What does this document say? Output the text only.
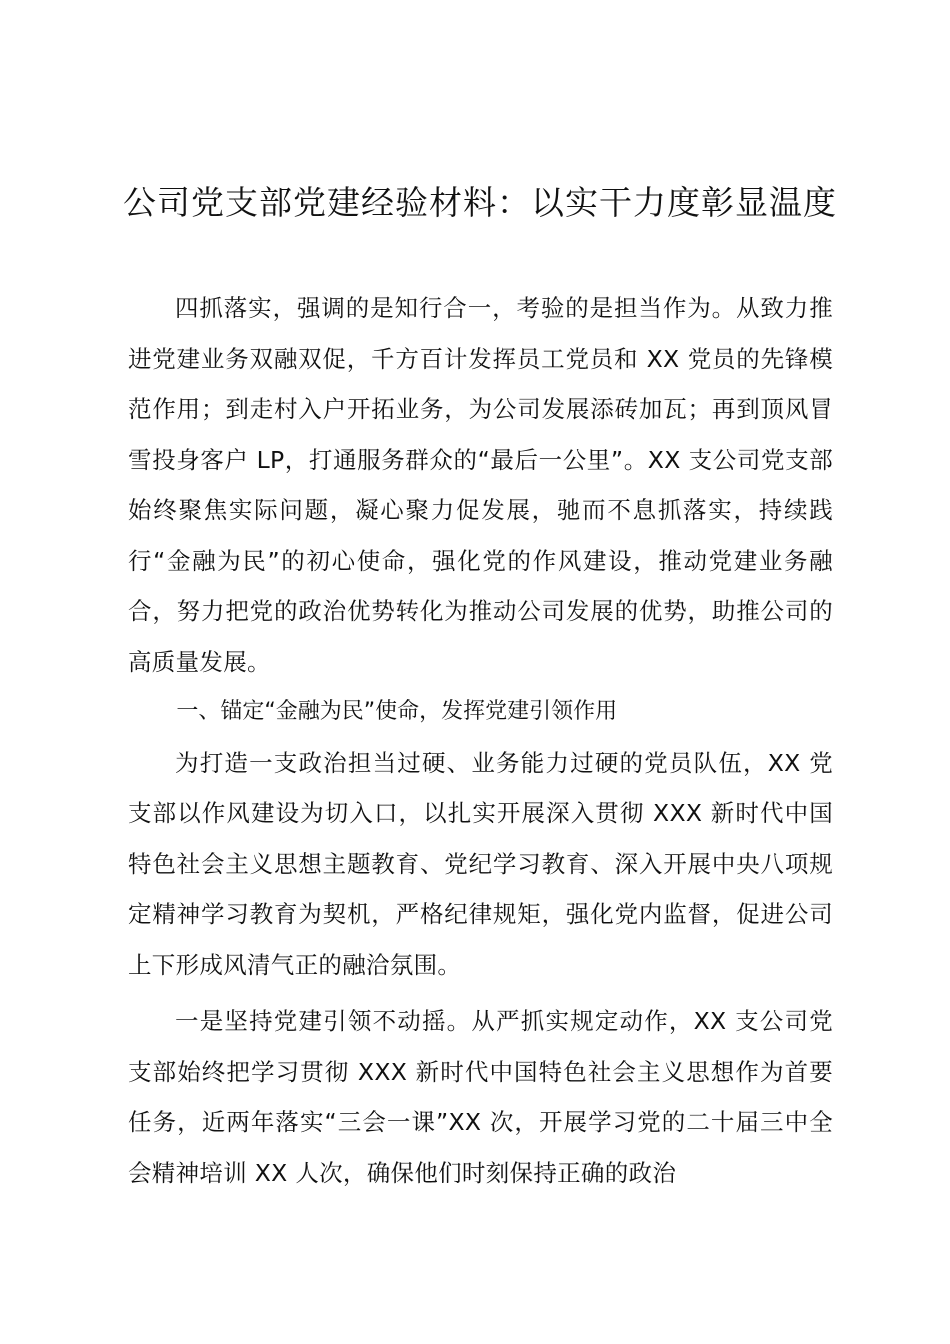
公司党支部党建经验材料：以实干力度彰显温度

四抓落实，强调的是知行合一，考验的是担当作为。从致力推进党建业务双融双促，千方百计发挥员工党员和 XX 党员的先锋模范作用；到走村入户开拓业务，为公司发展添砖加瓦；再到顶风冒雪投身客户 LP，打通服务群众的“最后一公里”。XX 支公司党支部始终聚焦实际问题，凝心聚力促发展，驰而不息抓落实，持续践行“金融为民”的初心使命，强化党的作风建设，推动党建业务融合，努力把党的政治优势转化为推动公司发展的优势，助推公司的高质量发展。

一、锚定“金融为民”使命，发挥党建引领作用

为打造一支政治担当过硬、业务能力过硬的党员队伍，XX 党支部以作风建设为切入口，以扎实开展深入贯彻 XXX 新时代中国特色社会主义思想主题教育、党纪学习教育、深入开展中央八项规定精神学习教育为契机，严格纪律规矩，强化党内监督，促进公司上下形成风清气正的融洽氛围。

一是坚持党建引领不动摇。从严抓实规定动作，XX 支公司党支部始终把学习贯彻 XXX 新时代中国特色社会主义思想作为首要任务，近两年落实“三会一课”XX 次，开展学习党的二十届三中全会精神培训 XX 人次，确保他们时刻保持正确的政治
